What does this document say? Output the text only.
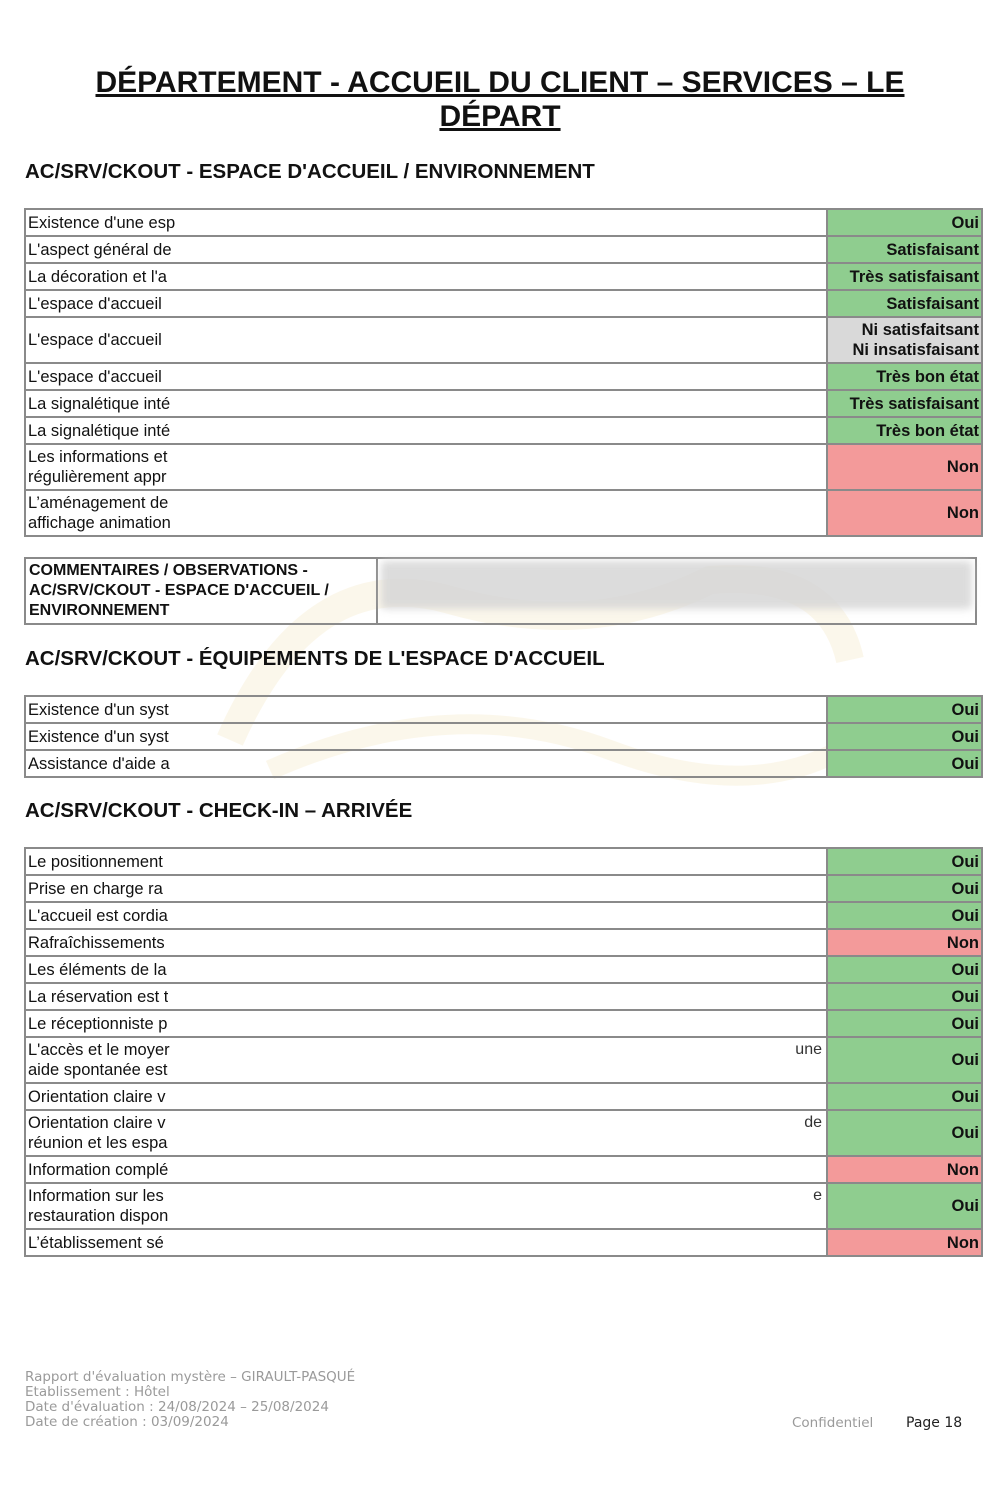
DÉPARTEMENT - ACCUEIL DU CLIENT – SERVICES – LE DÉPART
AC/SRV/CKOUT - ESPACE D'ACCUEIL / ENVIRONNEMENT
Existence d'une esp	Oui
L'aspect général de	Satisfaisant
La décoration et l'a	Très satisfaisant
L'espace d'accueil	Satisfaisant
L'espace d'accueil	Ni satisfaitsant
Ni insatisfaisant

L'espace d'accueil	Très bon état
La signalétique inté	Très satisfaisant
La signalétique inté	Très bon état

Les informations et
régulièrement appr	Non

L’aménagement de
affichage animation	Non
COMMENTAIRES / OBSERVATIONS - AC/SRV/CKOUT - ESPACE D'ACCUEIL / ENVIRONNEMENT	
AC/SRV/CKOUT - ÉQUIPEMENTS DE L'ESPACE D'ACCUEIL
Existence d'un syst	Oui
Existence d'un syst	Oui
Assistance d'aide a	Oui
AC/SRV/CKOUT - CHECK-IN – ARRIVÉE
Le positionnement	Oui
Prise en charge ra	Oui
L'accueil est cordia	Oui
Rafraîchissements	Non
Les éléments de la	Oui
La réservation est t	Oui
Le réceptionniste p	Oui

une
L'accès et le moyer
aide spontanée est	Oui
Orientation claire v	Oui

de
Orientation claire v
réunion et les espa	Oui
Information complé	Non

e
Information sur les
restauration dispon	Oui
L’établissement sé	Non
Rapport d'évaluation mystère – GIRAULT-PASQUÉ
Etablissement : Hôtel
Date d'évaluation : 24/08/2024 – 25/08/2024
Date de création : 03/09/2024	Confidentiel Page 18
